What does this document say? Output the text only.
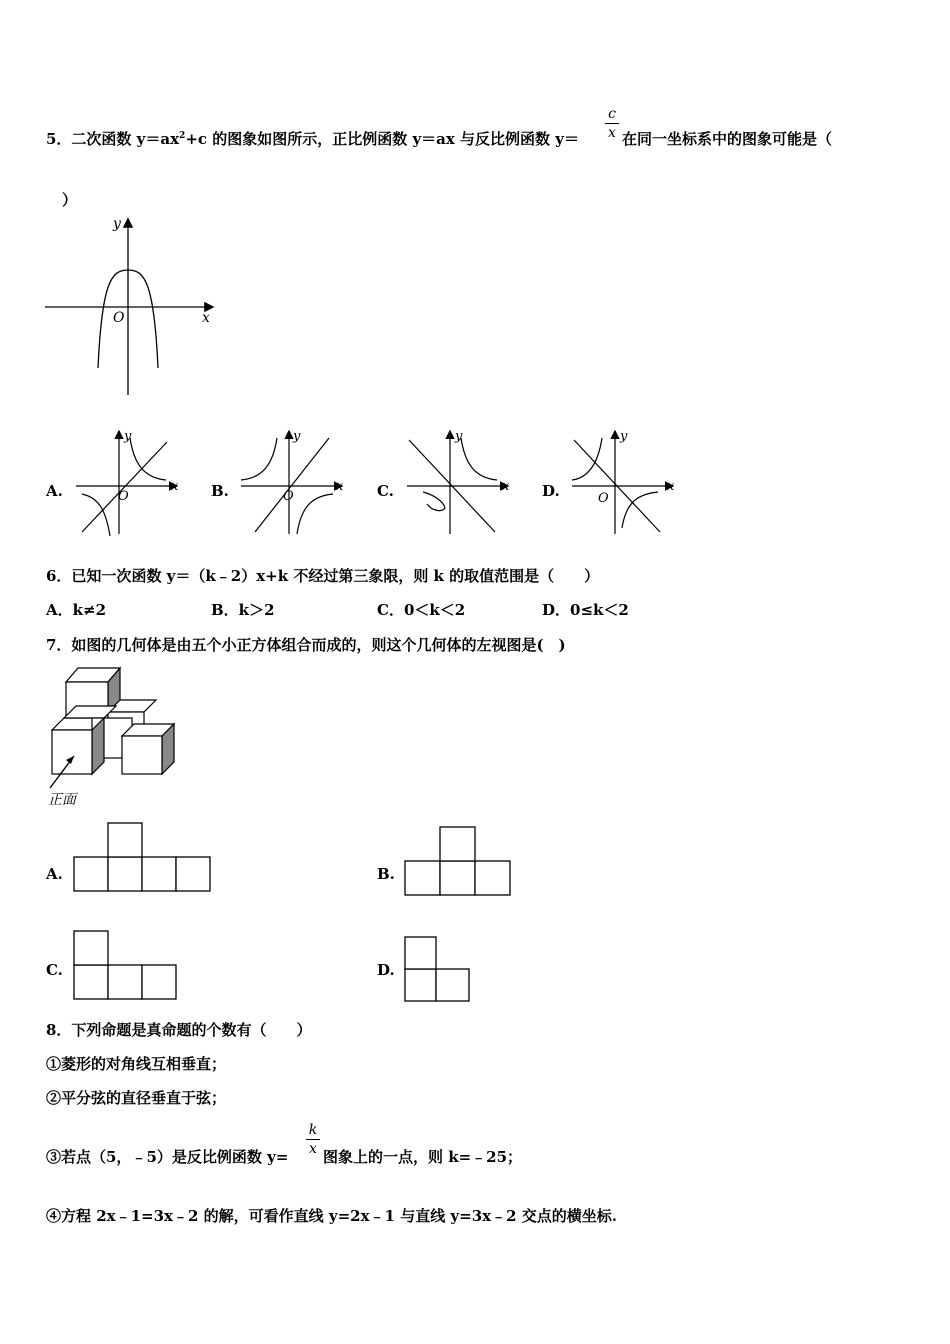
5．二次函数 $y=ax^2+c$ 的图象如图所示，正比例函数 y＝ax 与反比例函数 y＝
c
x 在同一坐标系中的图象可能是（
）
y
x
O
A.	B.	C.	D.
y
x
O
y
x
O
y
x
y
x
O
6．已知一次函数 y＝（k﹣2）x+k 不经过第三象限，则 k 的取值范围是（　　）
A．k≠2	B．k＞2	C．0＜k＜2	D．0≤k＜2
7．如图的几何体是由五个小正方体组合而成的，则这个几何体的左视图是(　)
正面
A.	B.
C.	D.
8．下列命题是真命题的个数有（　　）
①菱形的对角线互相垂直；
②平分弦的直径垂直于弦；
③若点（5，﹣5）是反比例函数 y=
k
x 图象上的一点，则 k=﹣25；
④方程 2x﹣1=3x﹣2 的解，可看作直线 y=2x﹣1 与直线 y=3x﹣2 交点的横坐标.
